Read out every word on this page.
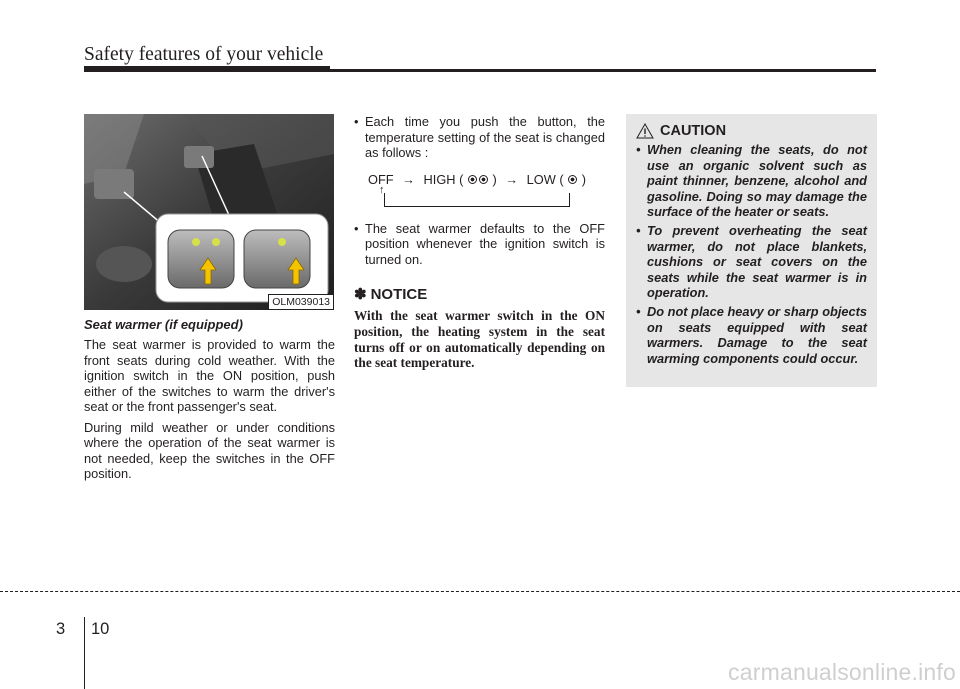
Safety features of your vehicle
OLM039013
Seat warmer (if equipped)

The seat warmer is provided to warm the front seats during cold weather. With the ignition switch in the ON position, push either of the switches to warm the driver's seat or the front passenger's seat.

During mild weather or under conditions where the operation of the seat warmer is not needed, keep the switches in the OFF position.

• Each time you push the button, the temperature setting of the seat is changed as follows :
OFF → HIGH ( ) → LOW ( )
↑
• The seat warmer defaults to the OFF position whenever the ignition switch is turned on.
✽ NOTICE
With the seat warmer switch in the ON position, the heating system in the seat turns off or on automatically depending on the seat temperature.
CAUTION
• When cleaning the seats, do not use an organic solvent such as paint thinner, benzene, alcohol and gasoline. Doing so may damage the surface of the heater or seats.
• To prevent overheating the seat warmer, do not place blankets, cushions or seat covers on the seats while the seat warmer is in operation.
• Do not place heavy or sharp objects on seats equipped with seat warmers. Damage to the seat warming components could occur.
3 10
carmanualsonline.info
